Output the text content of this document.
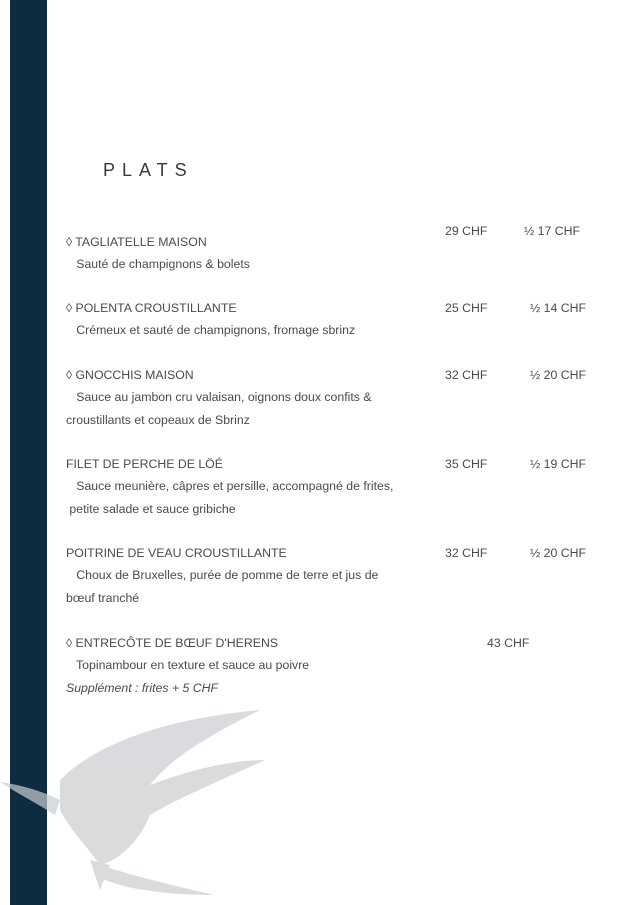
PLATS
◊ TAGLIATELLE MAISON
Sauté de champignons & bolets
29 CHF	½ 17 CHF
◊ POLENTA CROUSTILLANTE
Crémeux et sauté de champignons, fromage sbrinz
25 CHF	½ 14 CHF
◊ GNOCCHIS MAISON
Sauce au jambon cru valaisan, oignons doux confits &
croustillants et copeaux de Sbrinz
32 CHF	½ 20 CHF
FILET DE PERCHE DE LÖÉ
Sauce meunière, câpres et persille, accompagné de frites,
petite salade et sauce gribiche
35 CHF	½ 19 CHF
POITRINE DE VEAU CROUSTILLANTE
Choux de Bruxelles, purée de pomme de terre et jus de
bœuf tranché
32 CHF	½ 20 CHF
◊ ENTRECÔTE DE BŒUF D'HERENS
Topinambour en texture et sauce au poivre
Supplément : frites + 5 CHF
43 CHF
